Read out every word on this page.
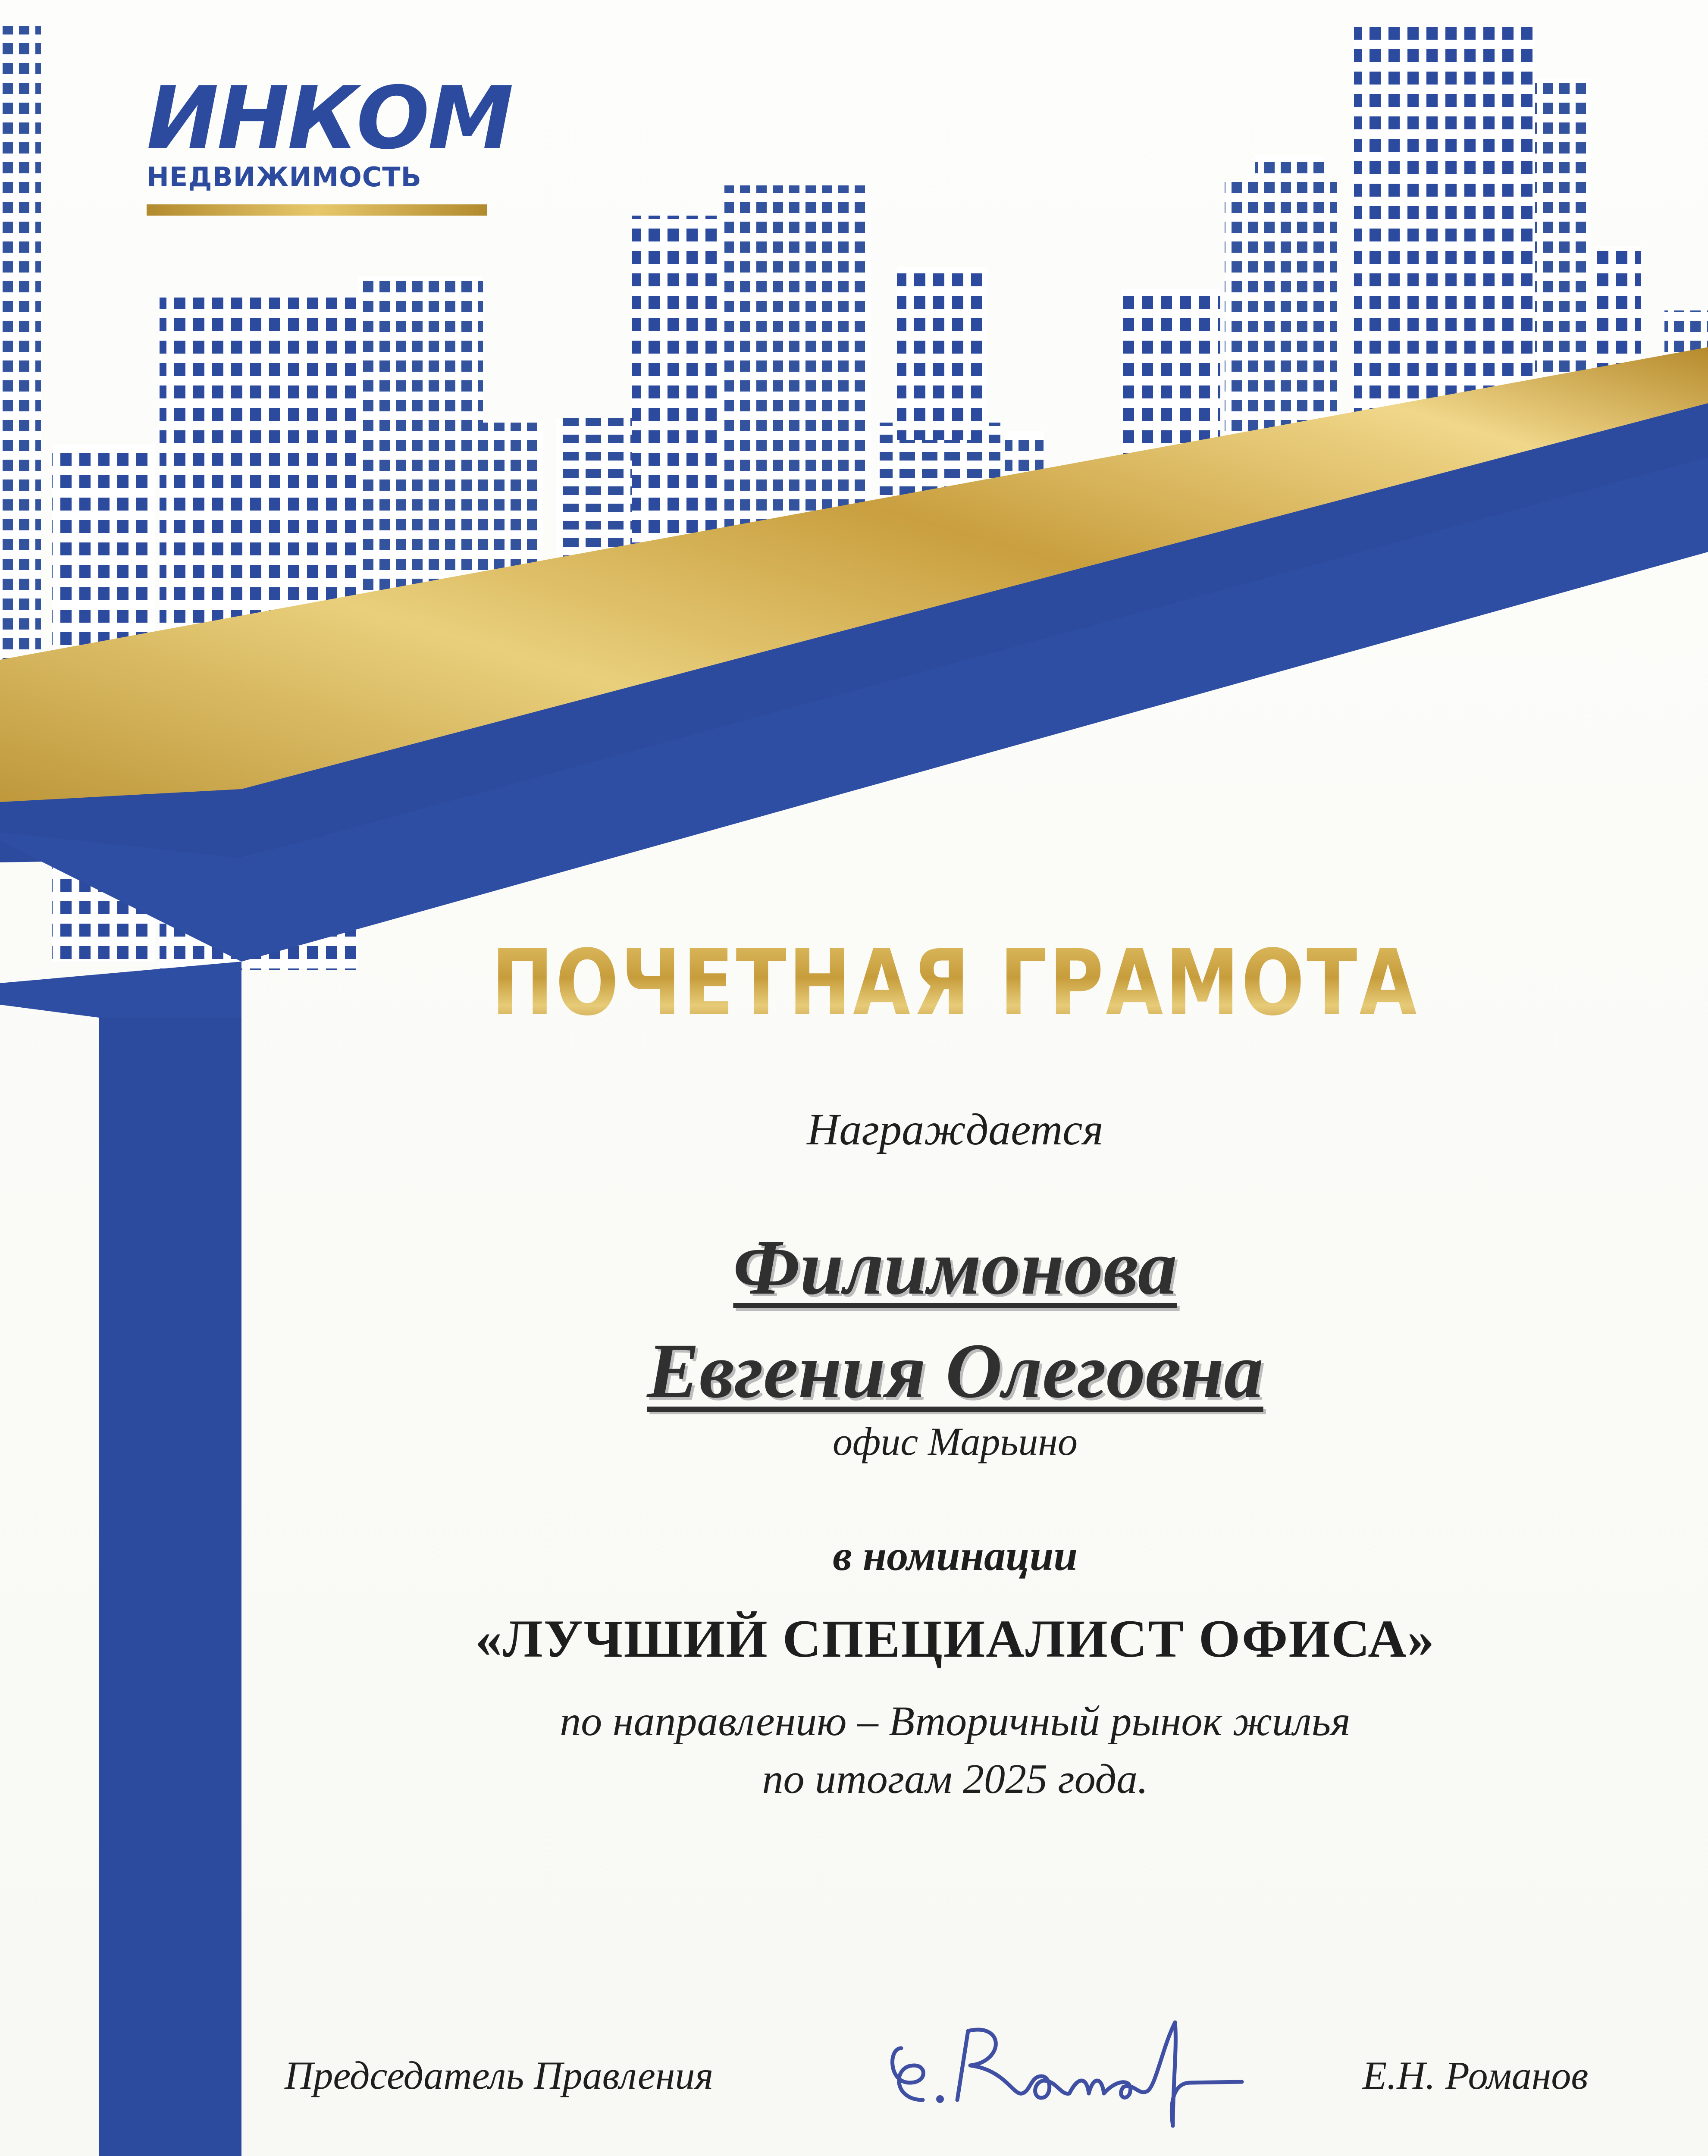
ИНКОМ
НЕДВИЖИМОСТЬ
ПОЧЕТНАЯ ГРАМОТА
Награждается
Филимонова
Евгения Олеговна
офис Марьино
в номинации
«ЛУЧШИЙ СПЕЦИАЛИСТ ОФИСА»
по направлению – Вторичный рынок жилья
по итогам 2025 года.
Председатель Правления	Е.Н. Романов
